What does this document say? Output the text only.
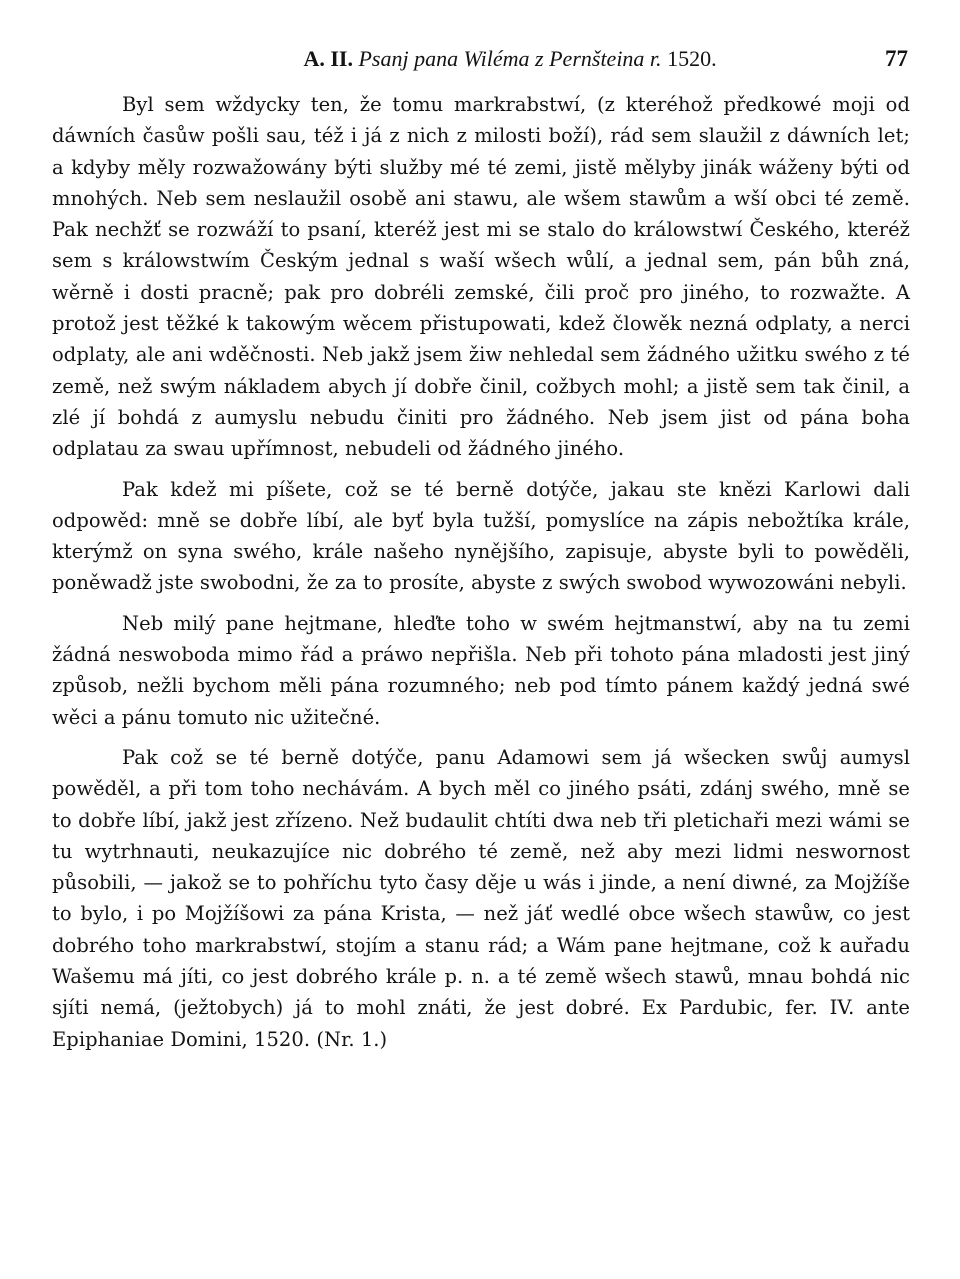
A. II. Psanj pana Wiléma z Pernšteina r. 1520.	77

Byl sem wždycky ten, že tomu markrabstwí, (z kteréhož předkowé moji od dáwních časůw pošli sau, též i já z nich z milosti boží), rád sem slaužil z dáwních let; a kdyby měly rozwažowány býti služby mé té zemi, jistě mělyby jinák wáženy býti od mnohých. Neb sem neslaužil osobě ani stawu, ale wšem stawům a wší obci té země. Pak nechžť se rozwáží to psaní, kteréž jest mi se stalo do králowstwí Českého, kteréž sem s králowstwím Českým jednal s waší wšech wůlí, a jednal sem, pán bůh zná, wěrně i dosti pracně; pak pro dobréli zemské, čili proč pro jiného, to rozwažte. A protož jest těžké k takowým wěcem přistupowati, kdež člowěk nezná odplaty, a nerci odplaty, ale ani wděčnosti. Neb jakž jsem žiw nehledal sem žádného užitku swého z té země, než swým nákladem abych jí dobře činil, cožbych mohl; a jistě sem tak činil, a zlé jí bohdá z aumyslu nebudu činiti pro žádného. Neb jsem jist od pána boha odplatau za swau upřímnost, nebudeli od žádného jiného.

Pak kdež mi píšete, což se té berně dotýče, jakau ste knězi Karlowi dali odpowěd: mně se dobře líbí, ale byť byla tužší, pomyslíce na zápis nebožtíka krále, kterýmž on syna swého, krále našeho nynějšího, zapisuje, abyste byli to powěděli, poněwadž jste swobodni, že za to prosíte, abyste z swých swobod wywozowáni nebyli.

Neb milý pane hejtmane, hleďte toho w swém hejtmanstwí, aby na tu zemi žádná neswoboda mimo řád a práwo nepřišla. Neb při tohoto pána mladosti jest jiný způsob, nežli bychom měli pána rozumného; neb pod tímto pánem každý jedná swé wěci a pánu tomuto nic užitečné.

Pak což se té berně dotýče, panu Adamowi sem já wšecken swůj aumysl powěděl, a při tom toho nechávám. A bych měl co jiného psáti, zdánj swého, mně se to dobře líbí, jakž jest zřízeno. Než budaulit chtíti dwa neb tři pletichaři mezi wámi se tu wytrhnauti, neukazujíce nic dobrého té země, než aby mezi lidmi neswornost působili, — jakož se to pohříchu tyto časy děje u wás i jinde, a není diwné, za Mojžíše to bylo, i po Mojžíšowi za pána Krista, — než jáť wedlé obce wšech stawůw, co jest dobrého toho markrabstwí, stojím a stanu rád; a Wám pane hejtmane, což k auřadu Wašemu má jíti, co jest dobrého krále p. n. a té země wšech stawů, mnau bohdá nic sjíti nemá, (ježtobych) já to mohl znáti, že jest dobré. Ex Pardubic, fer. IV. ante Epiphaniae Domini, 1520. (Nr. 1.)
